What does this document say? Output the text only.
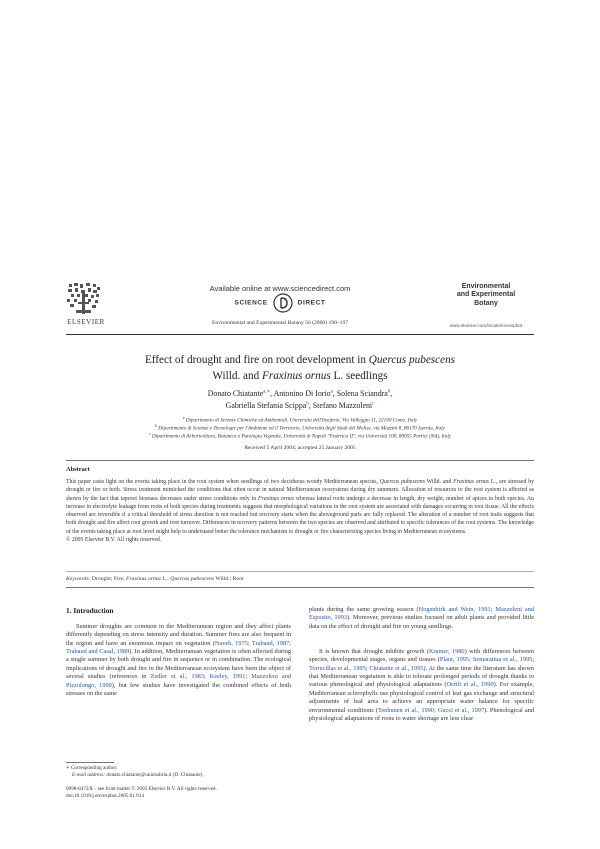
ELSEVIER
Available online at www.sciencedirect.com
SCIENCE	DIRECT
Environmental and Experimental Botany 56 (2006) 190–197
Environmental
and Experimental
Botany
www.elsevier.com/locate/envexpbot
Effect of drought and fire on root development in Quercus pubescens
Willd. and Fraxinus ornus L. seedlings
Donato Chiatante$^{a,∗}$, Antonino Di Iorio$^a$, Solena Sciandra$^b$,
Gabriella Stefania Scippa$^b$, Stefano Mazzoleni$^c$
$^a$ Dipartimento di Scienze Chimiche ed Ambientali, Università dell'Insubria, Via Valleggio 11, 22100 Como, Italy
$^b$ Dipartimento di Scienze e Tecnologie per l'Ambiente ed il Territorio, Università degli Studi del Molise, via Mazzini 8, 86170 Isernia, Italy
$^c$ Dipartimento di Arboricoltura, Botanica e Patologia Vegetale, Università di Napoli "Federico II", via Università 100, 80055 Portici (NA), Italy
Received 5 April 2004; accepted 25 January 2005
Abstract
This paper casts light on the events taking place in the root system when seedlings of two deciduous woody Mediterranean species, Quercus pubescens Willd. and Fraxinus ornus L., are stressed by drought or fire or both. Stress treatment mimicked the conditions that often occur in natural Mediterranean ecosystems during dry summers. Allocation of resources to the root system is affected as shown by the fact that taproot biomass decreases under stress conditions only in Fraxinus ornus whereas lateral roots undergo a decrease in length, dry weight, number of apices in both species. An increase in electrolyte leakage from roots of both species during treatments suggests that morphological variations in the root system are associated with damages occurring in root tissue. All the effects observed are reversible if a critical threshold of stress duration is not reached but recovery starts when the aboveground parts are fully replaced. The alteration of a number of root traits suggests that both drought and fire affect root growth and root turnover. Differences in recovery patterns between the two species are observed and attributed to specific tolerances of the root systems. The knowledge of the events taking place at root level might help to understand better the tolerance mechanism to drought or fire characterizing species living in Mediterranean ecosystems.
© 2005 Elsevier B.V. All rights reserved.
Keywords: Drought; Fire; Fraxinus ornus L.; Quercus pubescens Willd.; Root
1. Introduction
Summer droughts are common in the Mediterranean region and they affect plants differently depending on stress intensity and duration. Summer fires are also frequent in the region and have an enormous impact on vegetation (Naveh, 1975; Trabaud, 1987; Trabaud and Casal, 1989). In addition, Mediterranean vegetation is often affected during a single summer by both drought and fire in sequence or in combination. The ecological implications of drought and fire in the Mediterranean ecosystem have been the object of several studies (references in Zedler et al., 1983; Keeley, 1991; Mazzoleni and Pizzolongo, 1990), but few studies have investigated the combined effects of both stresses on the same
∗ Corresponding author.
E-mail address: donato.chiatante@uninsubria.it (D. Chiatante).
0098-8472/$ – see front matter © 2005 Elsevier B.V. All rights reserved.
doi:10.1016/j.envexpbot.2005.01.014
plants during the same growing season (Hogenbirk and Wein, 1991; Mazzoleni and Esposito, 1993). Moreover, previous studies focused on adult plants and provided little data on the effect of drought and fire on young seedlings.
It is known that drought inhibits growth (Kramer, 1980) with differences between species, developmental stages, organs and tissues (Plaut, 1995; Semarattua et al., 1995; Torrecillas et al., 1995; Chiatante et al., 1995). At the same time the literature has shown that Mediterranean vegetation is able to tolerate prolonged periods of drought thanks to various phenological and physiological adaptations (Oertli et al., 1990). For example, Mediterranean sclerophylls use physiological control of leaf gas exchange and structural adjustments of leaf area to achieve an appropriate water balance for specific environmental conditions (Tenhunen et al., 1990; Gucci et al., 1997). Phenological and physiological adaptations of roots to water shortage are less clear
